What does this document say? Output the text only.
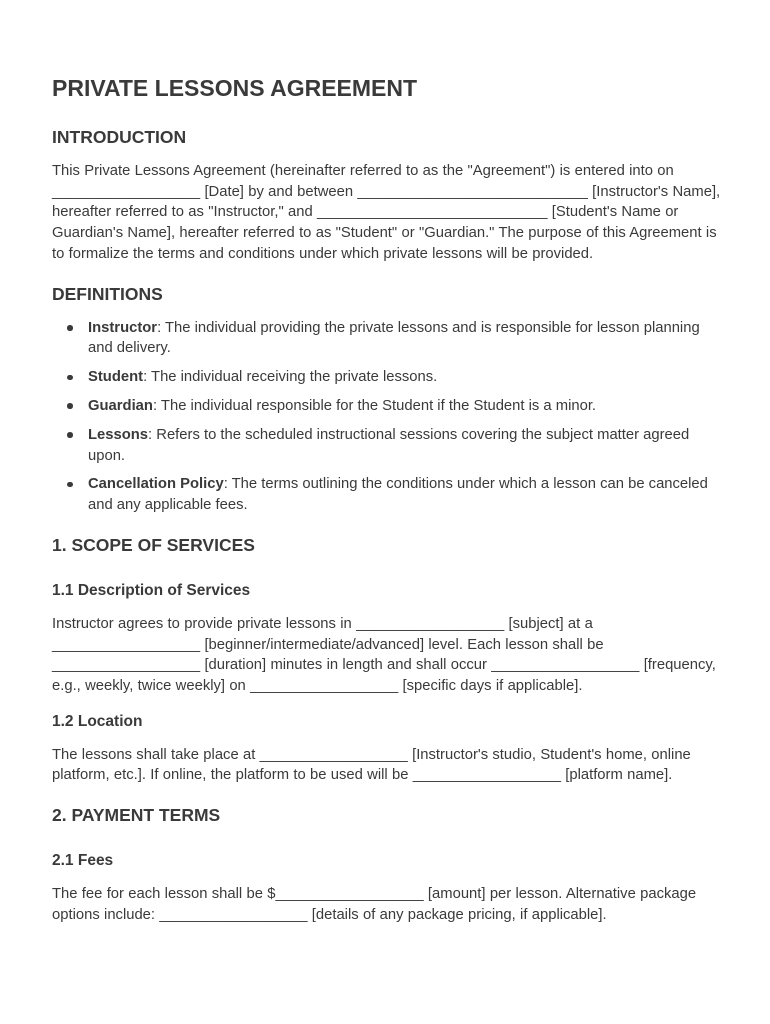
PRIVATE LESSONS AGREEMENT
INTRODUCTION

This Private Lessons Agreement (hereinafter referred to as the "Agreement") is entered into on __________________ [Date] by and between ____________________________ [Instructor's Name], hereafter referred to as "Instructor," and ____________________________ [Student's Name or Guardian's Name], hereafter referred to as "Student" or "Guardian." The purpose of this Agreement is to formalize the terms and conditions under which private lessons will be provided.

DEFINITIONS
Instructor: The individual providing the private lessons and is responsible for lesson planning and delivery.
Student: The individual receiving the private lessons.
Guardian: The individual responsible for the Student if the Student is a minor.
Lessons: Refers to the scheduled instructional sessions covering the subject matter agreed upon.
Cancellation Policy: The terms outlining the conditions under which a lesson can be canceled and any applicable fees.
1. SCOPE OF SERVICES
1.1 Description of Services

Instructor agrees to provide private lessons in __________________ [subject] at a __________________ [beginner/intermediate/advanced] level. Each lesson shall be __________________ [duration] minutes in length and shall occur __________________ [frequency, e.g., weekly, twice weekly] on __________________ [specific days if applicable].

1.2 Location

The lessons shall take place at __________________ [Instructor's studio, Student's home, online platform, etc.]. If online, the platform to be used will be __________________ [platform name].

2. PAYMENT TERMS
2.1 Fees

The fee for each lesson shall be $__________________ [amount] per lesson. Alternative package options include: __________________ [details of any package pricing, if applicable].
